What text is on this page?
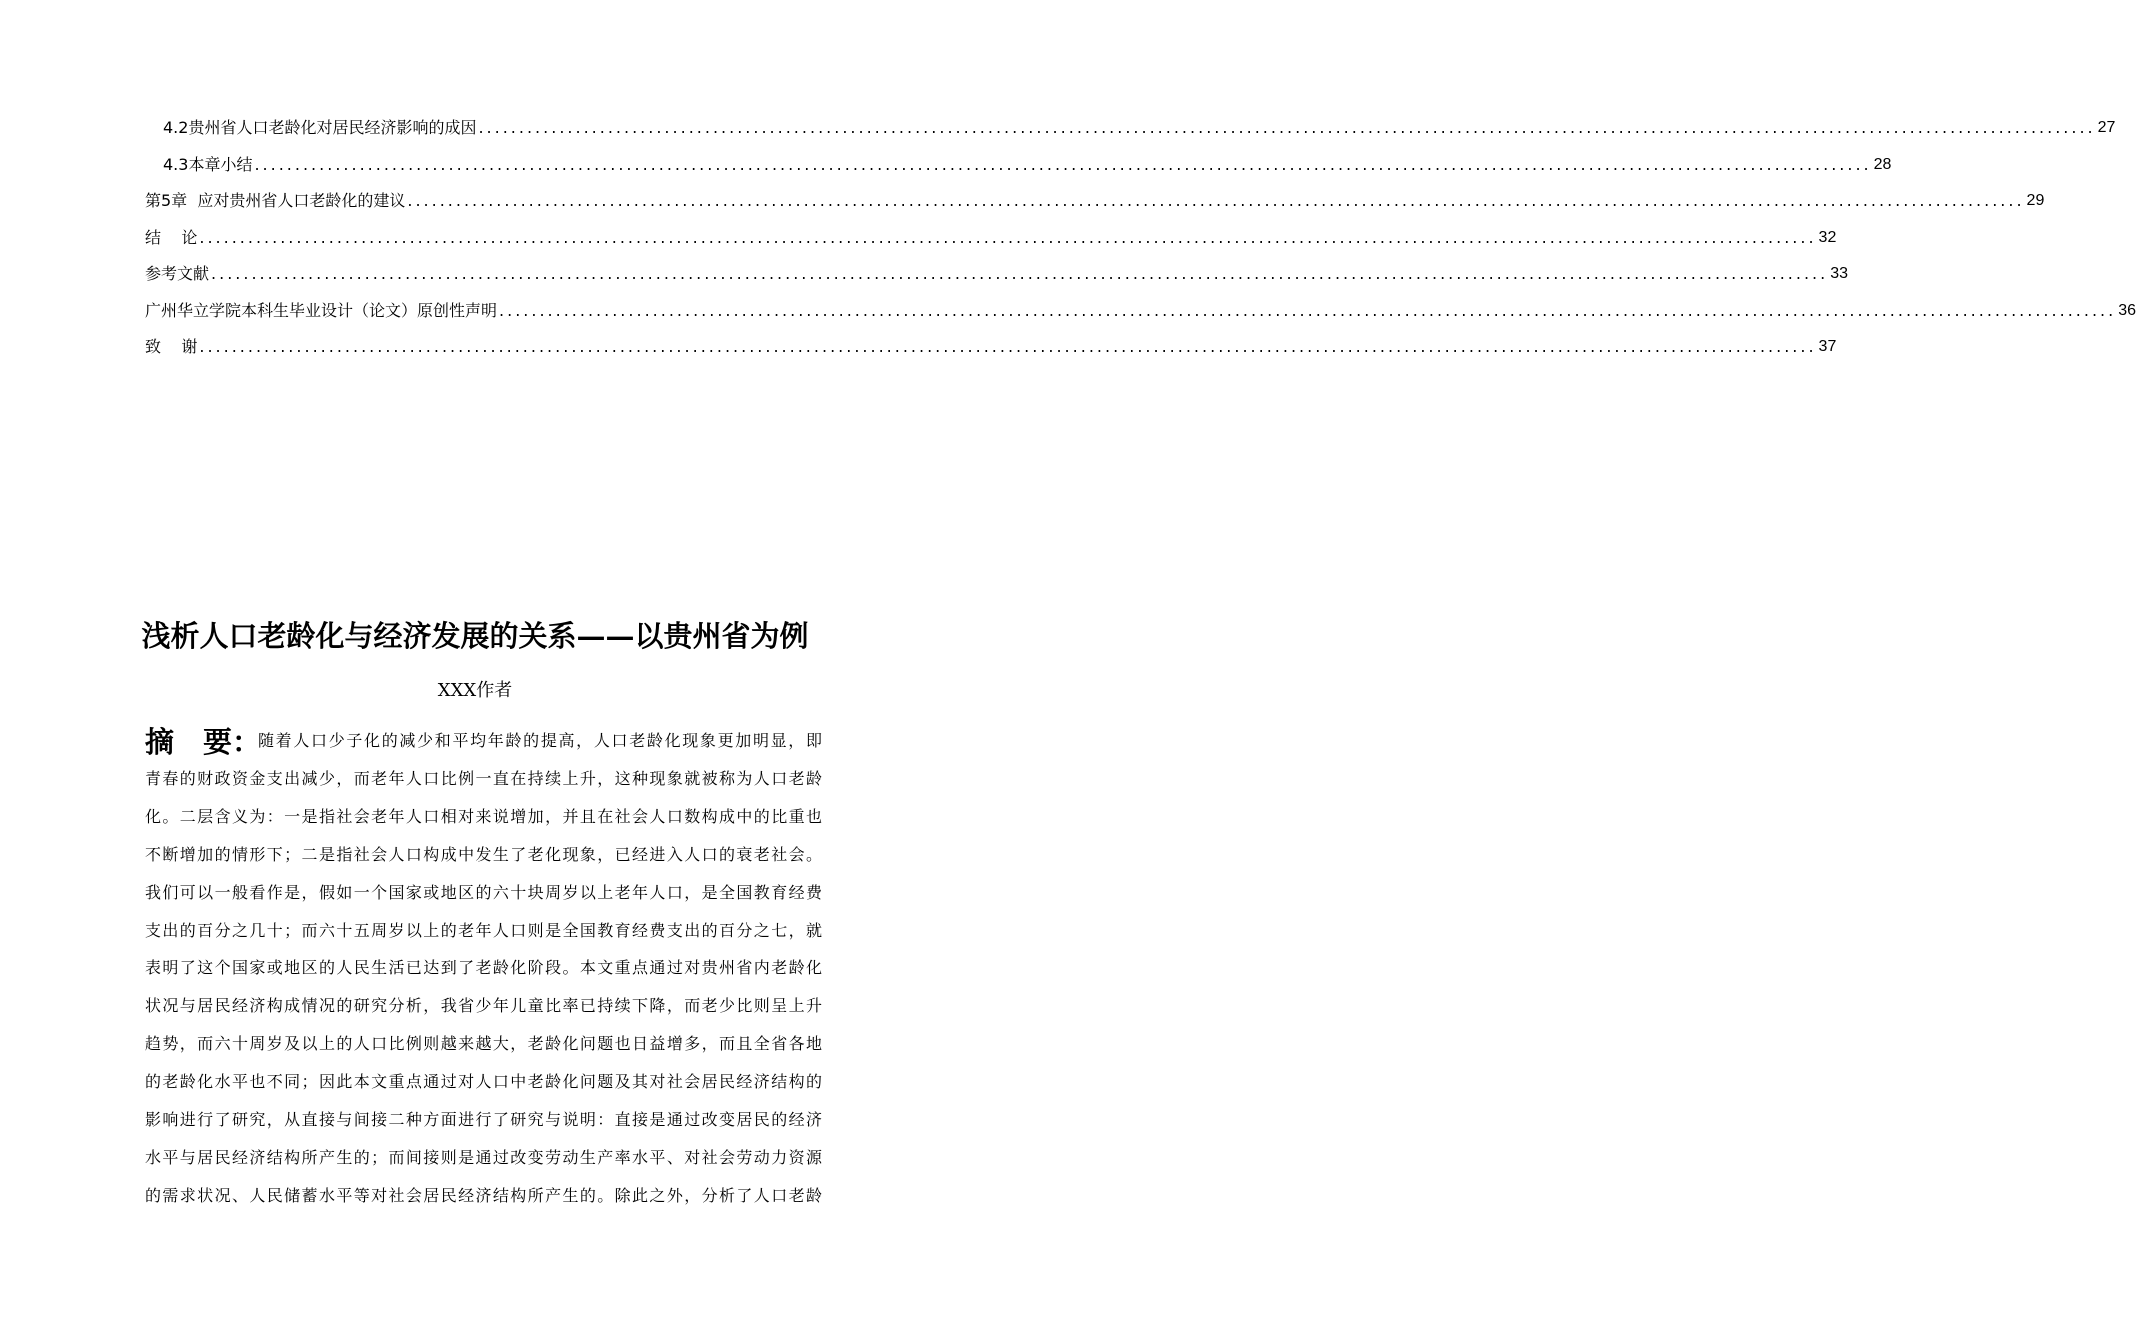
4.2贵州省人口老龄化对居民经济影响的成因 ........................................................................................................................................................................................................ 27
4.3本章小结 ........................................................................................................................................................................................................ 28
第5章  应对贵州省人口老龄化的建议 ........................................................................................................................................................................................................ 29
结    论 ........................................................................................................................................................................................................ 32
参考文献 ........................................................................................................................................................................................................ 33
广州华立学院本科生毕业设计（论文）原创性声明 ........................................................................................................................................................................................................ 36
致    谢 ........................................................................................................................................................................................................ 37
浅析人口老龄化与经济发展的关系——以贵州省为例
XXX作者
摘　要：
随着人口少子化的减少和平均年龄的提高，人口老龄化现象更加明显，即
青春的财政资金支出减少，而老年人口比例一直在持续上升，这种现象就被称为人口老龄
化。二层含义为：一是指社会老年人口相对来说增加，并且在社会人口数构成中的比重也
不断增加的情形下；二是指社会人口构成中发生了老化现象，已经进入人口的衰老社会。
我们可以一般看作是，假如一个国家或地区的六十块周岁以上老年人口，是全国教育经费
支出的百分之几十；而六十五周岁以上的老年人口则是全国教育经费支出的百分之七，就
表明了这个国家或地区的人民生活已达到了老龄化阶段。本文重点通过对贵州省内老龄化
状况与居民经济构成情况的研究分析，我省少年儿童比率已持续下降，而老少比则呈上升
趋势，而六十周岁及以上的人口比例则越来越大，老龄化问题也日益增多，而且全省各地
的老龄化水平也不同；因此本文重点通过对人口中老龄化问题及其对社会居民经济结构的
影响进行了研究，从直接与间接二种方面进行了研究与说明：直接是通过改变居民的经济
水平与居民经济结构所产生的；而间接则是通过改变劳动生产率水平、对社会劳动力资源
的需求状况、人民储蓄水平等对社会居民经济结构所产生的。除此之外，分析了人口老龄
